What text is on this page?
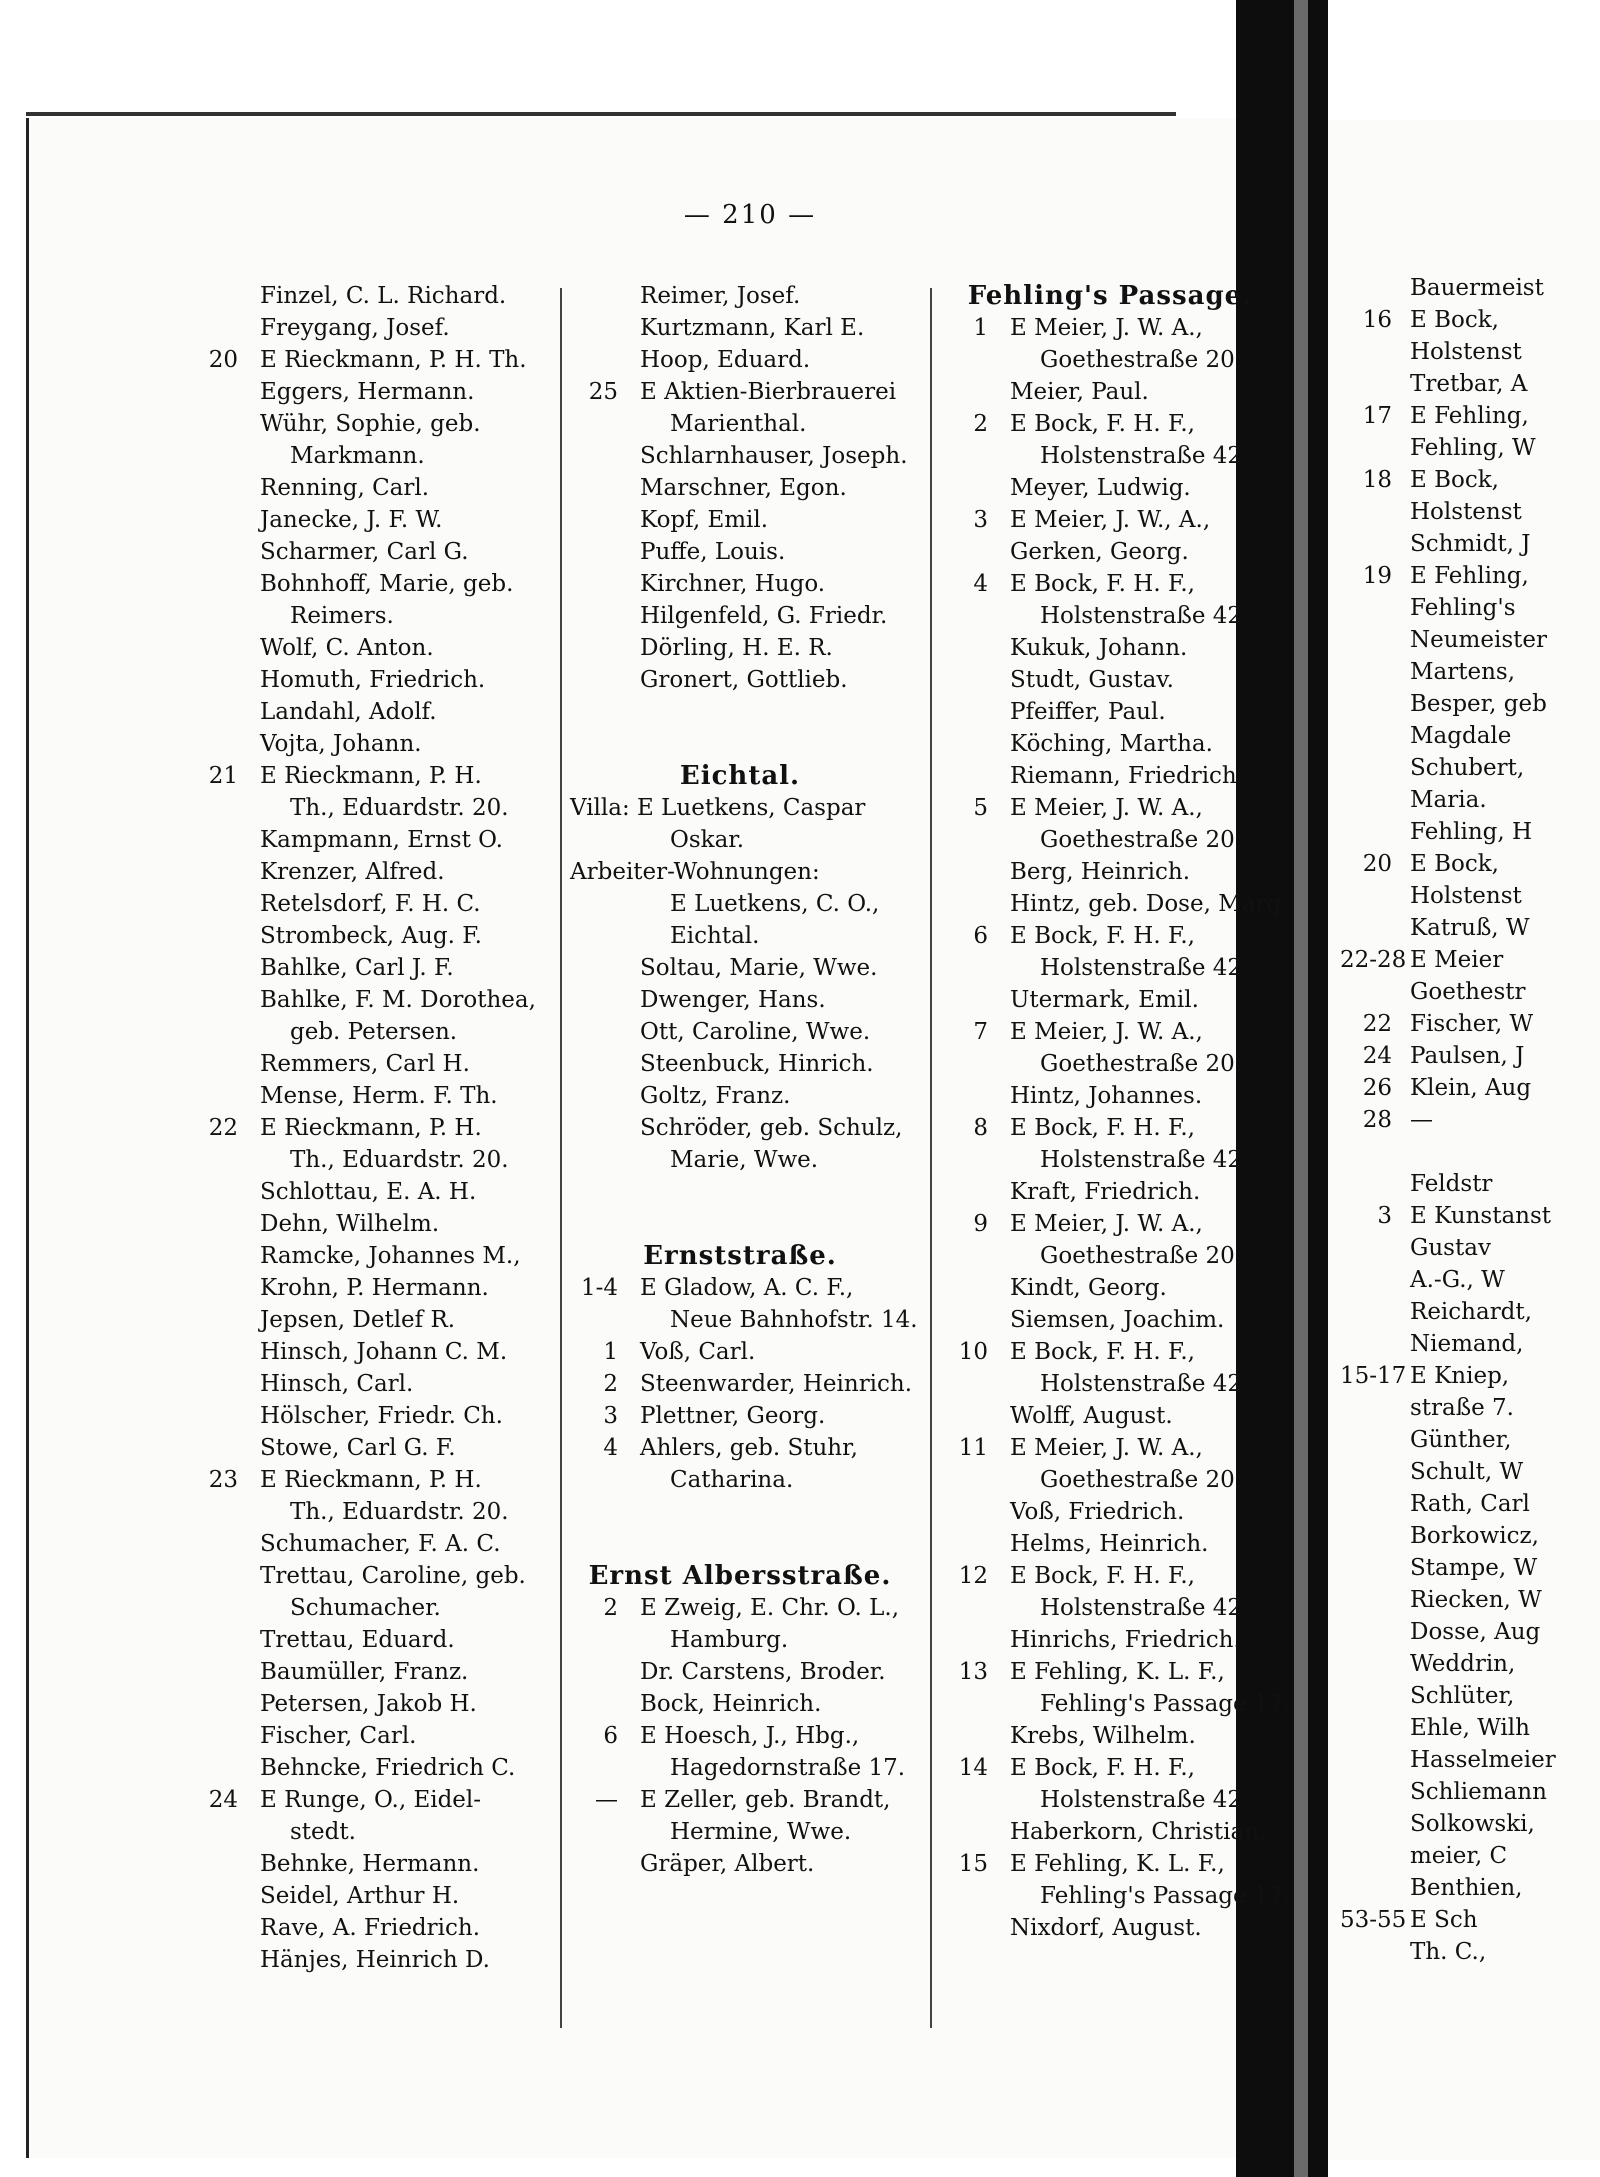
Bauermeist
16 E Bock,
Holstenst
Tretbar, A
17 E Fehling,
Fehling, W
18 E Bock,
Holstenst
Schmidt, J
19 E Fehling,
Fehling's
Neumeister
Martens,
Besper, geb
Magdale
Schubert,
Maria.
Fehling, H
20 E Bock,
Holstenst
Katruß, W
22-28 E Meier
Goethestr
22 Fischer, W
24 Paulsen, J
26 Klein, Aug
28 —
Feldstr
3 E Kunstanst
Gustav
A.-G., W
Reichardt,
Niemand,
15-17 E Kniep,
straße 7.
Günther,
Schult, W
Rath, Carl
Borkowicz,
Stampe, W
Riecken, W
Dosse, Aug
Weddrin,
Schlüter,
Ehle, Wilh
Hasselmeier
Schliemann
Solkowski,
meier, C
Benthien,
53-55 E Sch
Th. C.,
— 210 —
Finzel, C. L. Richard.
Freygang, Josef.
20 E Rieckmann, P. H. Th.
Eggers, Hermann.
Wühr, Sophie, geb.
Markmann.
Renning, Carl.
Janecke, J. F. W.
Scharmer, Carl G.
Bohnhoff, Marie, geb.
Reimers.
Wolf, C. Anton.
Homuth, Friedrich.
Landahl, Adolf.
Vojta, Johann.
21 E Rieckmann, P. H.
Th., Eduardstr. 20.
Kampmann, Ernst O.
Krenzer, Alfred.
Retelsdorf, F. H. C.
Strombeck, Aug. F.
Bahlke, Carl J. F.
Bahlke, F. M. Dorothea,
geb. Petersen.
Remmers, Carl H.
Mense, Herm. F. Th.
22 E Rieckmann, P. H.
Th., Eduardstr. 20.
Schlottau, E. A. H.
Dehn, Wilhelm.
Ramcke, Johannes M.,
Krohn, P. Hermann.
Jepsen, Detlef R.
Hinsch, Johann C. M.
Hinsch, Carl.
Hölscher, Friedr. Ch.
Stowe, Carl G. F.
23 E Rieckmann, P. H.
Th., Eduardstr. 20.
Schumacher, F. A. C.
Trettau, Caroline, geb.
Schumacher.
Trettau, Eduard.
Baumüller, Franz.
Petersen, Jakob H.
Fischer, Carl.
Behncke, Friedrich C.
24 E Runge, O., Eidel-
stedt.
Behnke, Hermann.
Seidel, Arthur H.
Rave, A. Friedrich.
Hänjes, Heinrich D.
Reimer, Josef.
Kurtzmann, Karl E.
Hoop, Eduard.
25 E Aktien-Bierbrauerei
Marienthal.
Schlarnhauser, Joseph.
Marschner, Egon.
Kopf, Emil.
Puffe, Louis.
Kirchner, Hugo.
Hilgenfeld, G. Friedr.
Dörling, H. E. R.
Gronert, Gottlieb.
Eichtal.
Villa: E Luetkens, Caspar
Oskar.
Arbeiter-Wohnungen:
E Luetkens, C. O.,
Eichtal.
Soltau, Marie, Wwe.
Dwenger, Hans.
Ott, Caroline, Wwe.
Steenbuck, Hinrich.
Goltz, Franz.
Schröder, geb. Schulz,
Marie, Wwe.
Ernststraße.
1-4 E Gladow, A. C. F.,
Neue Bahnhofstr. 14.
1 Voß, Carl.
2 Steenwarder, Heinrich.
3 Plettner, Georg.
4 Ahlers, geb. Stuhr,
Catharina.
Ernst Albersstraße.
2 E Zweig, E. Chr. O. L.,
Hamburg.
Dr. Carstens, Broder.
Bock, Heinrich.
6 E Hoesch, J., Hbg.,
Hagedornstraße 17.
— E Zeller, geb. Brandt,
Hermine, Wwe.
Gräper, Albert.
Fehling's Passage.
1 E Meier, J. W. A.,
Goethestraße 20.
Meier, Paul.
2 E Bock, F. H. F.,
Holstenstraße 42.
Meyer, Ludwig.
3 E Meier, J. W., A.,
Gerken, Georg.
4 E Bock, F. H. F.,
Holstenstraße 42.
Kukuk, Johann.
Studt, Gustav.
Pfeiffer, Paul.
Köching, Martha.
Riemann, Friedrich.
5 E Meier, J. W. A.,
Goethestraße 20.
Berg, Heinrich.
Hintz, geb. Dose, Marg.
6 E Bock, F. H. F.,
Holstenstraße 42.
Utermark, Emil.
7 E Meier, J. W. A.,
Goethestraße 20.
Hintz, Johannes.
8 E Bock, F. H. F.,
Holstenstraße 42.
Kraft, Friedrich.
9 E Meier, J. W. A.,
Goethestraße 20.
Kindt, Georg.
Siemsen, Joachim.
10 E Bock, F. H. F.,
Holstenstraße 42.
Wolff, August.
11 E Meier, J. W. A.,
Goethestraße 20.
Voß, Friedrich.
Helms, Heinrich.
12 E Bock, F. H. F.,
Holstenstraße 42.
Hinrichs, Friedrich.
13 E Fehling, K. L. F.,
Fehling's Passage 17.
Krebs, Wilhelm.
14 E Bock, F. H. F.,
Holstenstraße 42.
Haberkorn, Christian.
15 E Fehling, K. L. F.,
Fehling's Passage 17.
Nixdorf, August.
